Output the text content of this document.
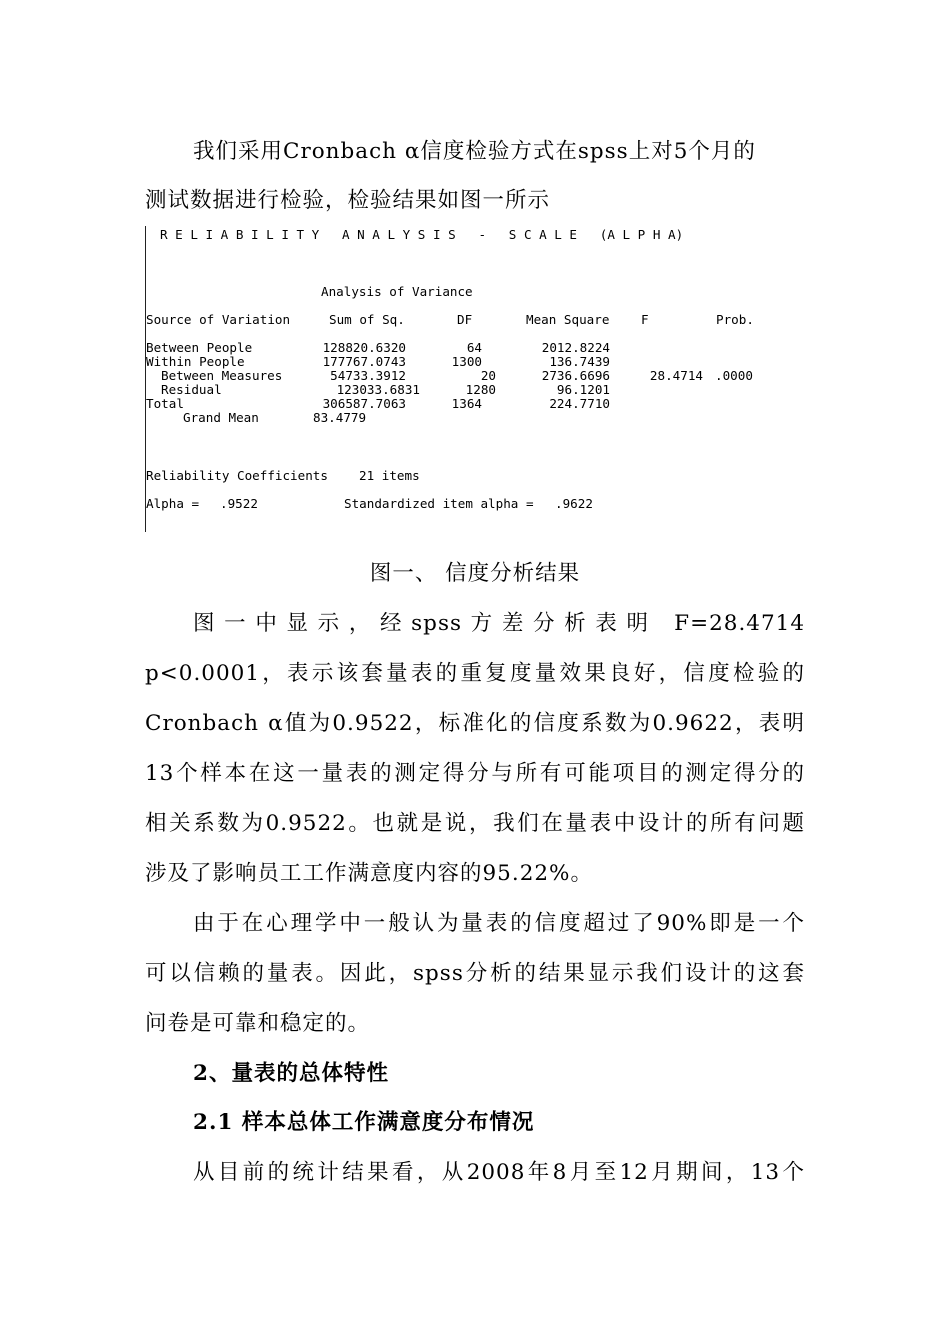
我们采用Cronbach α信度检验方式在spss上对5个月的
测试数据进行检验，检验结果如图一所示
R E L I A B I L I T Y   A N A L Y S I S   -   S C A L E   (A L P H A)
Analysis of Variance
Source of Variation	Sum of Sq.	DF	Mean Square	F	Prob.
Between People	128820.6320	64	2012.8224
Within People	177767.0743	1300	136.7439
Between Measures	54733.3912	20	2736.6696	28.4714 .0000
Residual	123033.6831	1280	96.1201
Total	306587.7063	1364	224.7710
Grand Mean	83.4779
Reliability Coefficients 21 items
Alpha = .9522	Standardized item alpha = .9622
图一、 信度分析结果
图一中显示，经spss方差分析表明 F=28.4714
p<0.0001，表示该套量表的重复度量效果良好，信度检验的
Cronbach α值为0.9522，标准化的信度系数为0.9622，表明
13个样本在这一量表的测定得分与所有可能项目的测定得分的
相关系数为0.9522。也就是说，我们在量表中设计的所有问题
涉及了影响员工工作满意度内容的95.22%。
由于在心理学中一般认为量表的信度超过了90%即是一个
可以信赖的量表。因此，spss分析的结果显示我们设计的这套
问卷是可靠和稳定的。
2、量表的总体特性
2.1 样本总体工作满意度分布情况
从目前的统计结果看，从2008年8月至12月期间，13个
